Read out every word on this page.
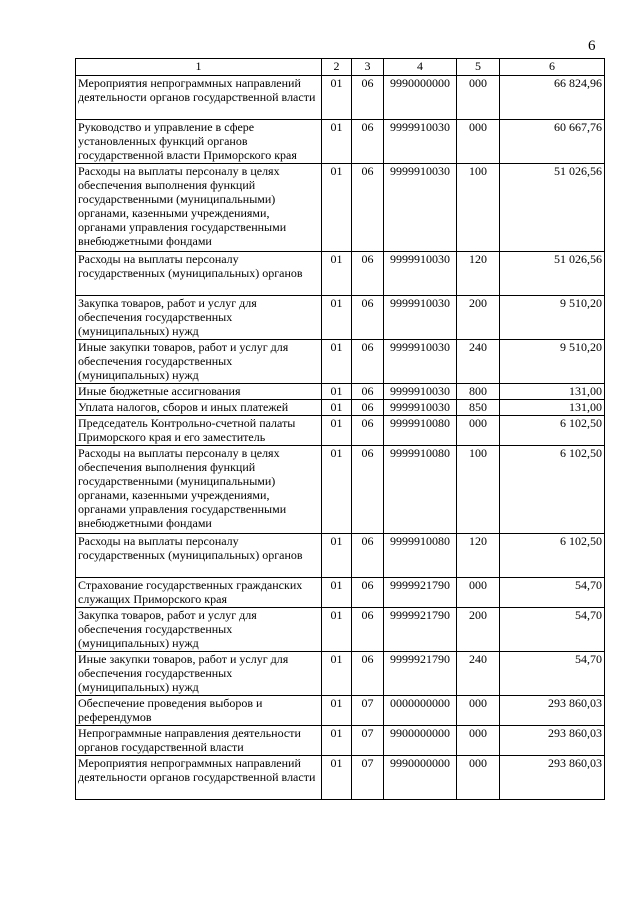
6
1	2	3	4	5	6
Мероприятия непрограммных направлений деятельности органов государственной власти	01	06	9990000000	000	66 824,96
Руководство и управление в сфере установленных функций органов государственной власти Приморского края	01	06	9999910030	000	60 667,76
Расходы на выплаты персоналу в целях обеспечения выполнения функций государственными (муниципальными) органами, казенными учреждениями, органами управления государственными внебюджетными фондами	01	06	9999910030	100	51 026,56
Расходы на выплаты персоналу государственных (муниципальных) органов	01	06	9999910030	120	51 026,56
Закупка товаров, работ и услуг для обеспечения государственных (муниципальных) нужд	01	06	9999910030	200	9 510,20
Иные закупки товаров, работ и услуг для обеспечения государственных (муниципальных) нужд	01	06	9999910030	240	9 510,20
Иные бюджетные ассигнования	01	06	9999910030	800	131,00
Уплата налогов, сборов и иных платежей	01	06	9999910030	850	131,00
Председатель Контрольно-счетной палаты Приморского края и его заместитель	01	06	9999910080	000	6 102,50
Расходы на выплаты персоналу в целях обеспечения выполнения функций государственными (муниципальными) органами, казенными учреждениями, органами управления государственными внебюджетными фондами	01	06	9999910080	100	6 102,50
Расходы на выплаты персоналу государственных (муниципальных) органов	01	06	9999910080	120	6 102,50
Страхование государственных гражданских служащих Приморского края	01	06	9999921790	000	54,70
Закупка товаров, работ и услуг для обеспечения государственных (муниципальных) нужд	01	06	9999921790	200	54,70
Иные закупки товаров, работ и услуг для обеспечения государственных (муниципальных) нужд	01	06	9999921790	240	54,70
Обеспечение проведения выборов и референдумов	01	07	0000000000	000	293 860,03
Непрограммные направления деятельности органов государственной власти	01	07	9900000000	000	293 860,03
Мероприятия непрограммных направлений деятельности органов государственной власти	01	07	9990000000	000	293 860,03
